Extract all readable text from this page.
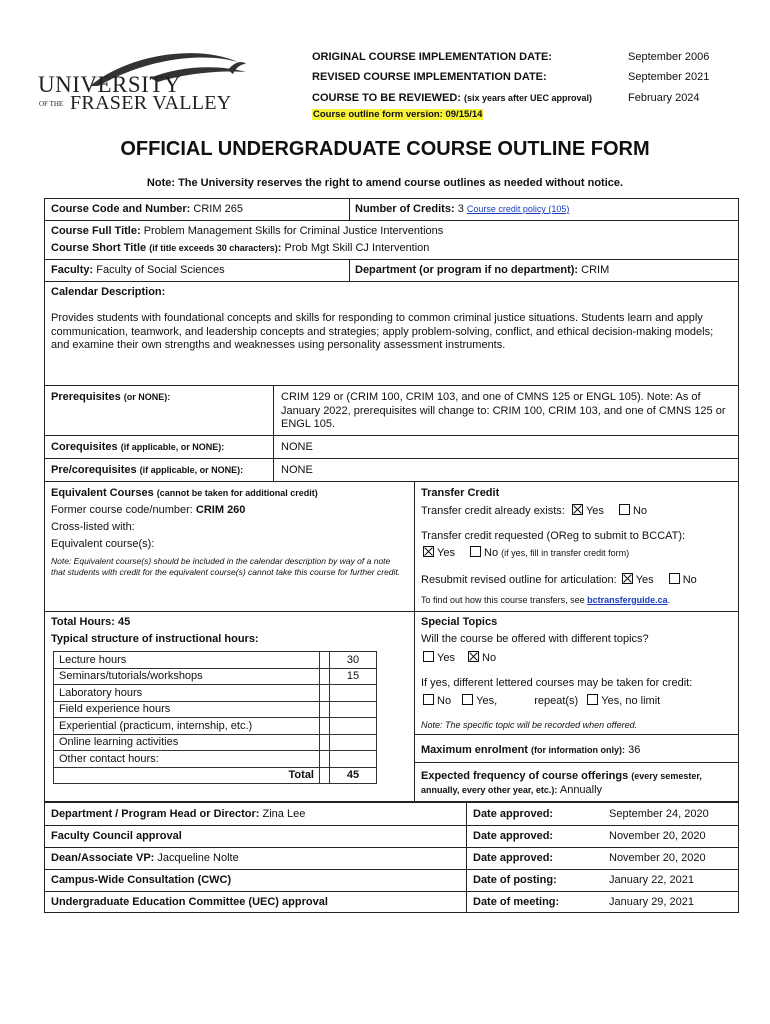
UNIVERSITY
OF THE FRASER VALLEY
ORIGINAL COURSE IMPLEMENTATION DATE:	September 2006
REVISED COURSE IMPLEMENTATION DATE:	September 2021
COURSE TO BE REVIEWED: (six years after UEC approval)	February 2024
Course outline form version: 09/15/14
OFFICIAL UNDERGRADUATE COURSE OUTLINE FORM
Note: The University reserves the right to amend course outlines as needed without notice.
Course Code and Number: CRIM 265	Number of Credits: 3 Course credit policy (105)
Course Full Title: Problem Management Skills for Criminal Justice Interventions
Course Short Title (if title exceeds 30 characters): Prob Mgt Skill CJ Intervention
Faculty: Faculty of Social Sciences	Department (or program if no department): CRIM
Calendar Description:
Provides students with foundational concepts and skills for responding to common criminal justice situations. Students learn and apply communication, teamwork, and leadership concepts and strategies; apply problem-solving, conflict, and ethical decision-making models; and examine their own strengths and weaknesses using personality assessment instruments.
Prerequisites (or NONE):	CRIM 129 or (CRIM 100, CRIM 103, and one of CMNS 125 or ENGL 105). Note: As of January 2022, prerequisites will change to: CRIM 100, CRIM 103, and one of CMNS 125 or ENGL 105.
Corequisites (if applicable, or NONE):	NONE
Pre/corequisites (if applicable, or NONE):	NONE
Equivalent Courses (cannot be taken for additional credit)
Former course code/number: CRIM 260
Cross-listed with:
Equivalent course(s):
Note: Equivalent course(s) should be included in the calendar description by way of a note that students with credit for the equivalent course(s) cannot take this course for further credit.
Transfer Credit
Transfer credit already exists: Yes	No
Transfer credit requested (OReg to submit to BCCAT):
Yes	No (if yes, fill in transfer credit form)
Resubmit revised outline for articulation: Yes	No
To find out how this course transfers, see bctransferguide.ca.
Total Hours: 45
Typical structure of instructional hours:
Lecture hours		30
Seminars/tutorials/workshops		15
Laboratory hours		
Field experience hours		
Experiential (practicum, internship, etc.)		
Online learning activities		
Other contact hours:		
Total		45
Special Topics
Will the course be offered with different topics?
Yes No
If yes, different lettered courses may be taken for credit:
No Yes,	repeat(s) Yes, no limit
Note: The specific topic will be recorded when offered.
Maximum enrolment (for information only): 36
Expected frequency of course offerings (every semester, annually, every other year, etc.): Annually
Department / Program Head or Director: Zina Lee	Date approved:	September 24, 2020
Faculty Council approval	Date approved:	November 20, 2020
Dean/Associate VP: Jacqueline Nolte	Date approved:	November 20, 2020
Campus-Wide Consultation (CWC)	Date of posting:	January 22, 2021
Undergraduate Education Committee (UEC) approval	Date of meeting:	January 29, 2021
